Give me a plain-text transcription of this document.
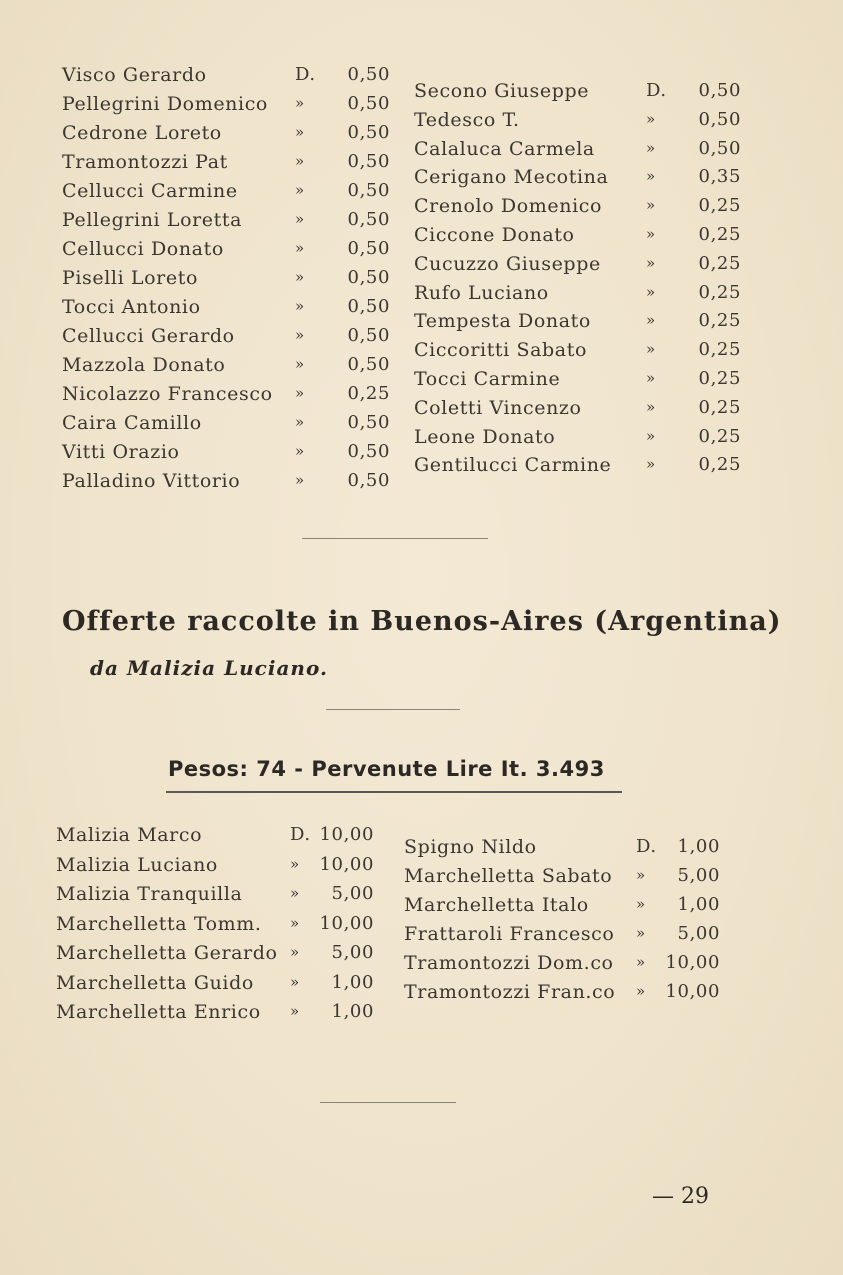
Visco Gerardo	D.	0,50
Pellegrini Domenico »	0,50
Cedrone Loreto	»	0,50
Tramontozzi Pat	»	0,50
Cellucci Carmine	»	0,50
Pellegrini Loretta	»	0,50
Cellucci Donato	»	0,50
Piselli Loreto	»	0,50
Tocci Antonio	»	0,50
Cellucci Gerardo	»	0,50
Mazzola Donato	»	0,50
Nicolazzo Francesco »	0,25
Caira Camillo	»	0,50
Vitti Orazio	»	0,50
Palladino Vittorio	»	0,50
Secono Giuseppe	D.	0,50
Tedesco T.	»	0,50
Calaluca Carmela	»	0,50
Cerigano Mecotina	»	0,35
Crenolo Domenico	»	0,25
Ciccone Donato	»	0,25
Cucuzzo Giuseppe	»	0,25
Rufo Luciano	»	0,25
Tempesta Donato	»	0,25
Ciccoritti Sabato	»	0,25
Tocci Carmine	»	0,25
Coletti Vincenzo	»	0,25
Leone Donato	»	0,25
Gentilucci Carmine »	0,25
Offerte raccolte in Buenos-Aires (Argentina)
da Malizia Luciano.
Pesos: 74 - Pervenute Lire It. 3.493
Malizia Marco	D. 10,00
Malizia Luciano	»	10,00
Malizia Tranquilla	»	5,00
Marchelletta Tomm. »	10,00
Marchelletta Gerardo »	5,00
Marchelletta Guido »	1,00
Marchelletta Enrico »	1,00
Spigno Nildo	D.	1,00
Marchelletta Sabato »	5,00
Marchelletta Italo	»	1,00
Frattaroli Francesco »	5,00
Tramontozzi Dom.co »	10,00
Tramontozzi Fran.co »	10,00
— 29
